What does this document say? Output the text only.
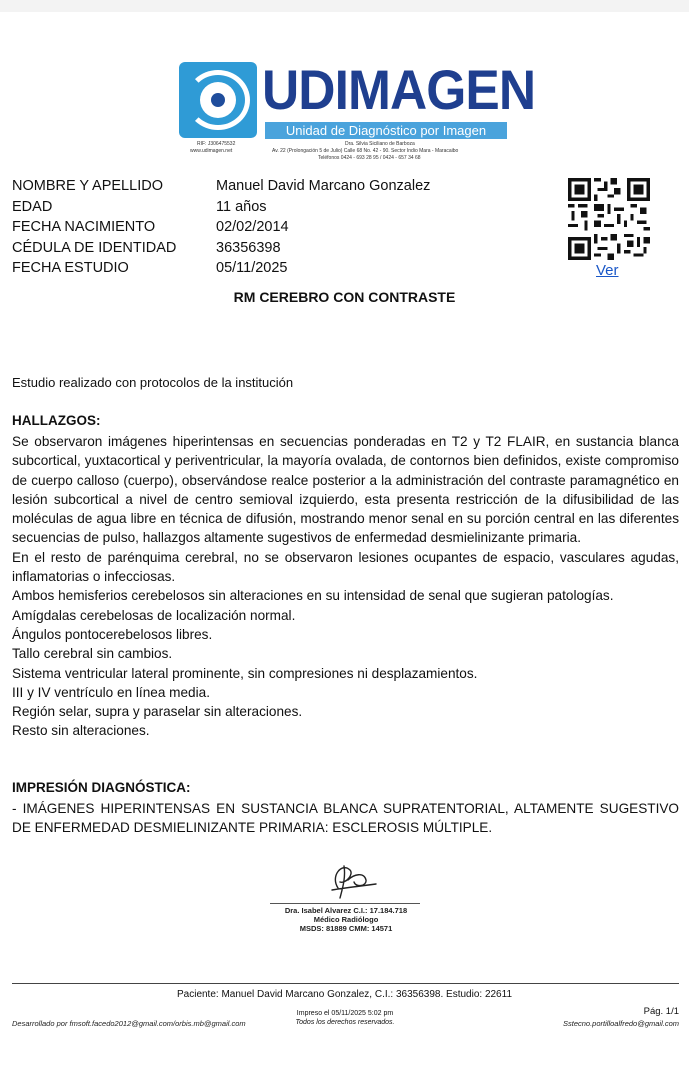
UDIMAGEN
Unidad de Diagnóstico por Imagen
RIF: J306475532
www.udimagen.net
Dra. Silvia Siciliano de Barboza
Av. 22 (Prolongación 5 de Julio) Calle 68 No. 42 - 90. Sector Indio Mara - Maracaibo
Teléfonos 0424 - 693 28 95 / 0424 - 657 34 68
NOMBRE Y APELLIDO	Manuel David Marcano Gonzalez
EDAD	11 años
FECHA NACIMIENTO	02/02/2014
CÉDULA DE IDENTIDAD	36356398
FECHA ESTUDIO	05/11/2025	Ver
RM CEREBRO CON CONTRASTE
Estudio realizado con protocolos de la institución
HALLAZGOS:
Se observaron imágenes hiperintensas en secuencias ponderadas en T2 y T2 FLAIR, en sustancia blanca subcortical, yuxtacortical y periventricular, la mayoría ovalada, de contornos bien definidos, existe compromiso de cuerpo calloso (cuerpo), observándose realce posterior a la administración del contraste paramagnético en lesión subcortical a nivel de centro semioval izquierdo, esta presenta restricción de la difusibilidad de las moléculas de agua libre en técnica de difusión, mostrando menor senal en su porción central en las diferentes secuencias de pulso, hallazgos altamente sugestivos de enfermedad desmielinizante primaria.
En el resto de parénquima cerebral, no se observaron lesiones ocupantes de espacio, vasculares agudas, inflamatorias o infecciosas.
Ambos hemisferios cerebelosos sin alteraciones en su intensidad de senal que sugieran patologías.
Amígdalas cerebelosas de localización normal.
Ángulos pontocerebelosos libres.
Tallo cerebral sin cambios.
Sistema ventricular lateral prominente, sin compresiones ni desplazamientos.
III y IV ventrículo en línea media.
Región selar, supra y paraselar sin alteraciones.
Resto sin alteraciones.
IMPRESIÓN DIAGNÓSTICA:
- IMÁGENES HIPERINTENSAS EN SUSTANCIA BLANCA SUPRATENTORIAL, ALTAMENTE SUGESTIVO DE ENFERMEDAD DESMIELINIZANTE PRIMARIA: ESCLEROSIS MÚLTIPLE.
Dra. Isabel Alvarez C.I.: 17.184.718
Médico Radiólogo
MSDS: 81889 CMM: 14571
Paciente: Manuel David Marcano Gonzalez, C.I.: 36356398. Estudio: 22611
Desarrollado por fmsoft.facedo2012@gmail.com/orbis.mb@gmail.com
Impreso el 05/11/2025 5:02 pm
Todos los derechos reservados.
Pág. 1/1
Sstecno.portilloalfredo@gmail.com
